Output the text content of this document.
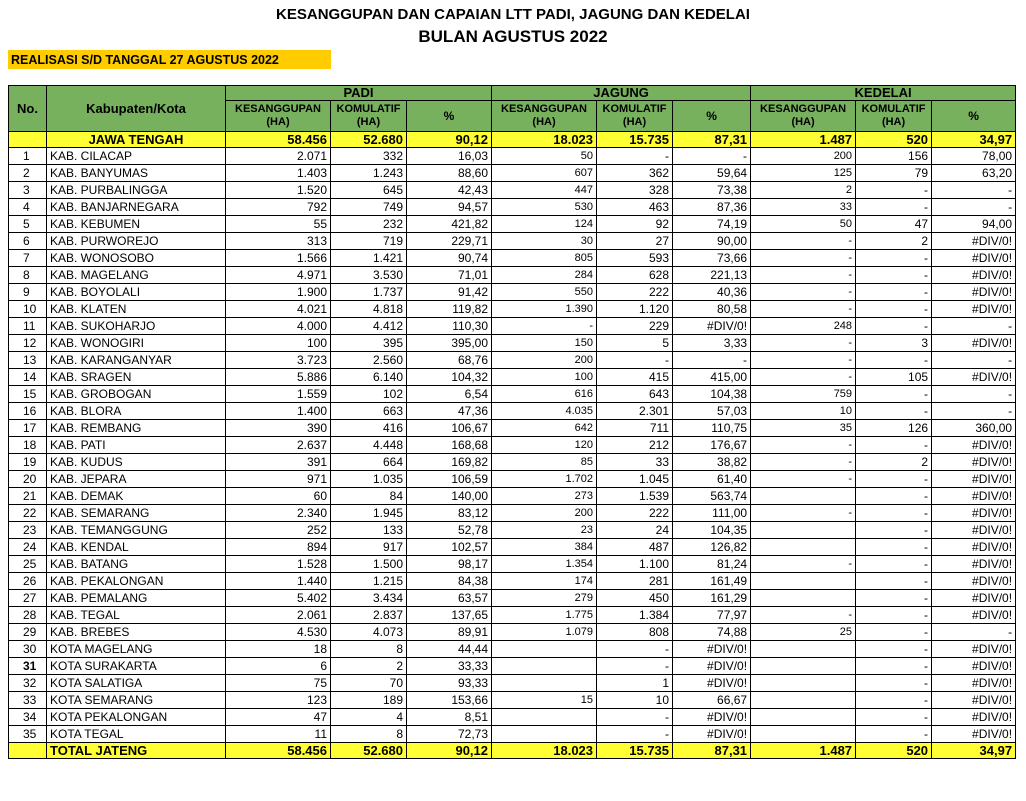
KESANGGUPAN DAN CAPAIAN LTT PADI, JAGUNG DAN KEDELAI
BULAN AGUSTUS 2022
REALISASI S/D TANGGAL 27 AGUSTUS 2022
No.	Kabupaten/Kota	PADI			JAGUNG			KEDELAI		
		KESANGGUPAN (HA)	KOMULATIF (HA)	%	KESANGGUPAN (HA)	KOMULATIF (HA)	%	KESANGGUPAN (HA)	KOMULATIF (HA)	%
	JAWA TENGAH	58.456	52.680	90,12	18.023	15.735	87,31	1.487	520	34,97
1	KAB. CILACAP	2.071	332	16,03	50	-	-	200	156	78,00
2	KAB. BANYUMAS	1.403	1.243	88,60	607	362	59,64	125	79	63,20
3	KAB. PURBALINGGA	1.520	645	42,43	447	328	73,38	2	-	-
4	KAB. BANJARNEGARA	792	749	94,57	530	463	87,36	33	-	-
5	KAB. KEBUMEN	55	232	421,82	124	92	74,19	50	47	94,00
6	KAB. PURWOREJO	313	719	229,71	30	27	90,00	-	2	#DIV/0!
7	KAB. WONOSOBO	1.566	1.421	90,74	805	593	73,66	-	-	#DIV/0!
8	KAB. MAGELANG	4.971	3.530	71,01	284	628	221,13	-	-	#DIV/0!
9	KAB. BOYOLALI	1.900	1.737	91,42	550	222	40,36	-	-	#DIV/0!
10	KAB. KLATEN	4.021	4.818	119,82	1.390	1.120	80,58	-	-	#DIV/0!
11	KAB. SUKOHARJO	4.000	4.412	110,30	-	229	#DIV/0!	248	-	-
12	KAB. WONOGIRI	100	395	395,00	150	5	3,33	-	3	#DIV/0!
13	KAB. KARANGANYAR	3.723	2.560	68,76	200	-	-	-	-	-
14	KAB. SRAGEN	5.886	6.140	104,32	100	415	415,00	-	105	#DIV/0!
15	KAB. GROBOGAN	1.559	102	6,54	616	643	104,38	759	-	-
16	KAB. BLORA	1.400	663	47,36	4.035	2.301	57,03	10	-	-
17	KAB. REMBANG	390	416	106,67	642	711	110,75	35	126	360,00
18	KAB. PATI	2.637	4.448	168,68	120	212	176,67	-	-	#DIV/0!
19	KAB. KUDUS	391	664	169,82	85	33	38,82	-	2	#DIV/0!
20	KAB. JEPARA	971	1.035	106,59	1.702	1.045	61,40	-	-	#DIV/0!
21	KAB. DEMAK	60	84	140,00	273	1.539	563,74		-	#DIV/0!
22	KAB. SEMARANG	2.340	1.945	83,12	200	222	111,00	-	-	#DIV/0!
23	KAB. TEMANGGUNG	252	133	52,78	23	24	104,35		-	#DIV/0!
24	KAB. KENDAL	894	917	102,57	384	487	126,82		-	#DIV/0!
25	KAB. BATANG	1.528	1.500	98,17	1.354	1.100	81,24	-	-	#DIV/0!
26	KAB. PEKALONGAN	1.440	1.215	84,38	174	281	161,49		-	#DIV/0!
27	KAB. PEMALANG	5.402	3.434	63,57	279	450	161,29		-	#DIV/0!
28	KAB. TEGAL	2.061	2.837	137,65	1.775	1.384	77,97	-	-	#DIV/0!
29	KAB. BREBES	4.530	4.073	89,91	1.079	808	74,88	25	-	-
30	KOTA MAGELANG	18	8	44,44		-	#DIV/0!		-	#DIV/0!
31	KOTA SURAKARTA	6	2	33,33		-	#DIV/0!		-	#DIV/0!
32	KOTA SALATIGA	75	70	93,33		1	#DIV/0!		-	#DIV/0!
33	KOTA SEMARANG	123	189	153,66	15	10	66,67		-	#DIV/0!
34	KOTA PEKALONGAN	47	4	8,51		-	#DIV/0!		-	#DIV/0!
35	KOTA TEGAL	11	8	72,73		-	#DIV/0!		-	#DIV/0!
	TOTAL JATENG	58.456	52.680	90,12	18.023	15.735	87,31	1.487	520	34,97
